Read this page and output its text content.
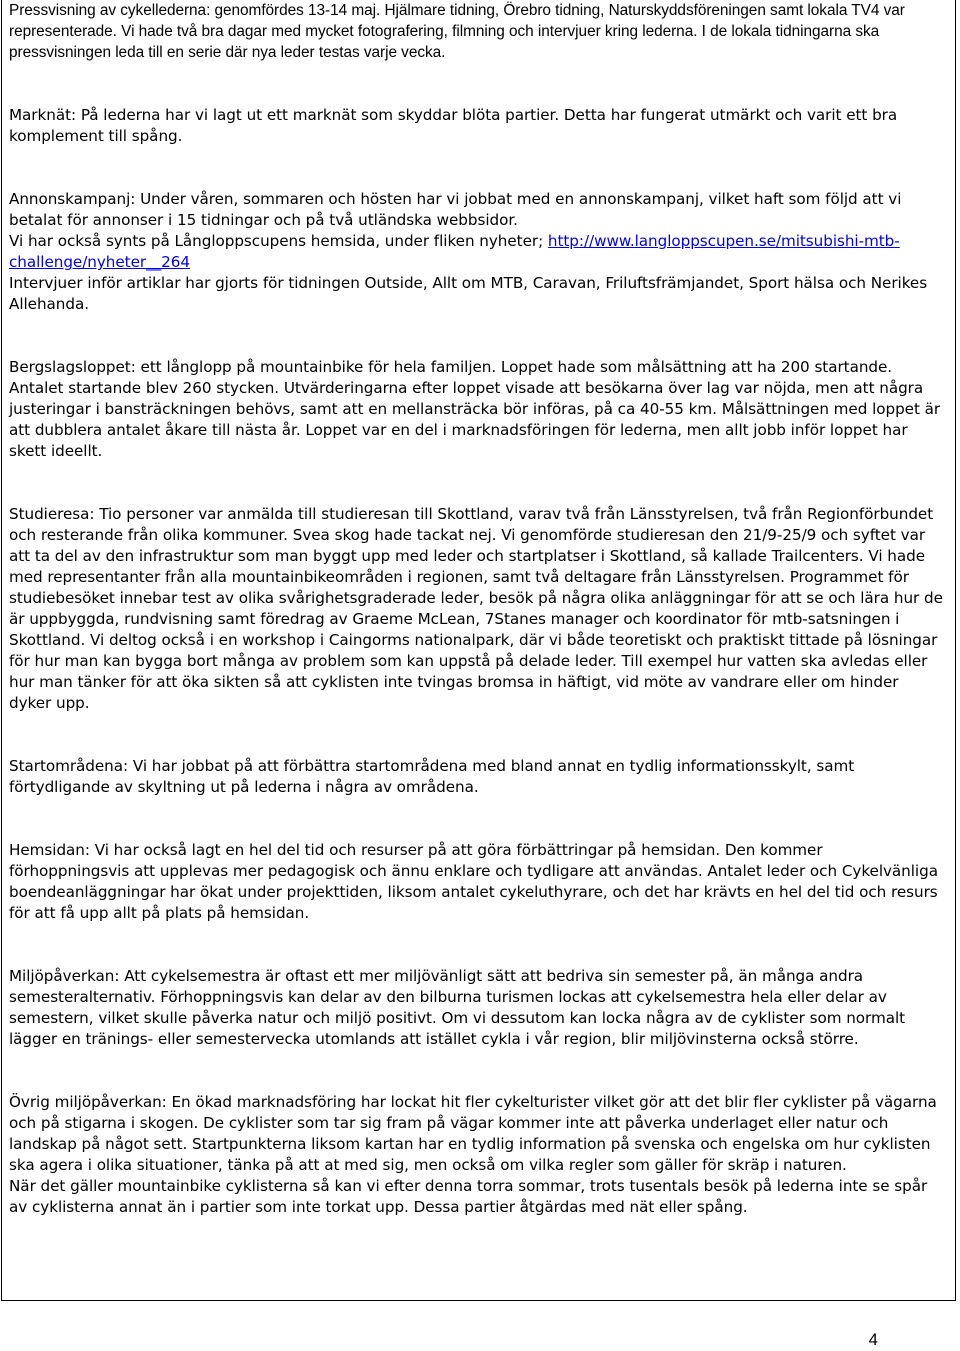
Pressvisning av cykellederna: genomfördes 13-14 maj. Hjälmare tidning, Örebro tidning, Naturskyddsföreningen samt lokala TV4 var representerade. Vi hade två bra dagar med mycket fotografering, filmning och intervjuer kring lederna. I de lokala tidningarna ska pressvisningen leda till en serie där nya leder testas varje vecka.

Marknät: På lederna har vi lagt ut ett marknät som skyddar blöta partier. Detta har fungerat utmärkt och varit ett bra komplement till spång.

Annonskampanj: Under våren, sommaren och hösten har vi jobbat med en annonskampanj, vilket haft som följd att vi betalat för annonser i 15 tidningar och på två utländska webbsidor.

Vi har också synts på Långloppscupens hemsida, under fliken nyheter; http://www.langloppscupen.se/mitsubishi-mtb-challenge/nyheter__264

Intervjuer inför artiklar har gjorts för tidningen Outside, Allt om MTB, Caravan, Friluftsfrämjandet, Sport hälsa och Nerikes Allehanda.

Bergslagsloppet: ett långlopp på mountainbike för hela familjen. Loppet hade som målsättning att ha 200 startande. Antalet startande blev 260 stycken. Utvärderingarna efter loppet visade att besökarna över lag var nöjda, men att några justeringar i bansträckningen behövs, samt att en mellansträcka bör införas, på ca 40-55 km. Målsättningen med loppet är att dubblera antalet åkare till nästa år. Loppet var en del i marknadsföringen för lederna, men allt jobb inför loppet har skett ideellt.

Studieresa: Tio personer var anmälda till studieresan till Skottland, varav två från Länsstyrelsen, två från Regionförbundet och resterande från olika kommuner. Svea skog hade tackat nej. Vi genomförde studieresan den 21/9-25/9 och syftet var att ta del av den infrastruktur som man byggt upp med leder och startplatser i Skottland, så kallade Trailcenters. Vi hade med representanter från alla mountainbikeområden i regionen, samt två deltagare från Länsstyrelsen. Programmet för studiebesöket innebar test av olika svårighetsgraderade leder, besök på några olika anläggningar för att se och lära hur de är uppbyggda, rundvisning samt föredrag av Graeme McLean, 7Stanes manager och koordinator för mtb-satsningen i Skottland. Vi deltog också i en workshop i Caingorms nationalpark, där vi både teoretiskt och praktiskt tittade på lösningar för hur man kan bygga bort många av problem som kan uppstå på delade leder. Till exempel hur vatten ska avledas eller hur man tänker för att öka sikten så att cyklisten inte tvingas bromsa in häftigt, vid möte av vandrare eller om hinder dyker upp.

Startområdena: Vi har jobbat på att förbättra startområdena med bland annat en tydlig informationsskylt, samt förtydligande av skyltning ut på lederna i några av områdena.

Hemsidan: Vi har också lagt en hel del tid och resurser på att göra förbättringar på hemsidan. Den kommer förhoppningsvis att upplevas mer pedagogisk och ännu enklare och tydligare att användas. Antalet leder och Cykelvänliga boendeanläggningar har ökat under projekttiden, liksom antalet cykeluthyrare, och det har krävts en hel del tid och resurs för att få upp allt på plats på hemsidan.

Miljöpåverkan: Att cykelsemestra är oftast ett mer miljövänligt sätt att bedriva sin semester på, än många andra semesteralternativ. Förhoppningsvis kan delar av den bilburna turismen lockas att cykelsemestra hela eller delar av semestern, vilket skulle påverka natur och miljö positivt. Om vi dessutom kan locka några av de cyklister som normalt lägger en tränings- eller semestervecka utomlands att istället cykla i vår region, blir miljövinsterna också större.

Övrig miljöpåverkan: En ökad marknadsföring har lockat hit fler cykelturister vilket gör att det blir fler cyklister på vägarna och på stigarna i skogen. De cyklister som tar sig fram på vägar kommer inte att påverka underlaget eller natur och landskap på något sett. Startpunkterna liksom kartan har en tydlig information på svenska och engelska om hur cyklisten ska agera i olika situationer, tänka på att at med sig, men också om vilka regler som gäller för skräp i naturen.

När det gäller mountainbike cyklisterna så kan vi efter denna torra sommar, trots tusentals besök på lederna inte se spår av cyklisterna annat än i partier som inte torkat upp. Dessa partier åtgärdas med nät eller spång.

4
